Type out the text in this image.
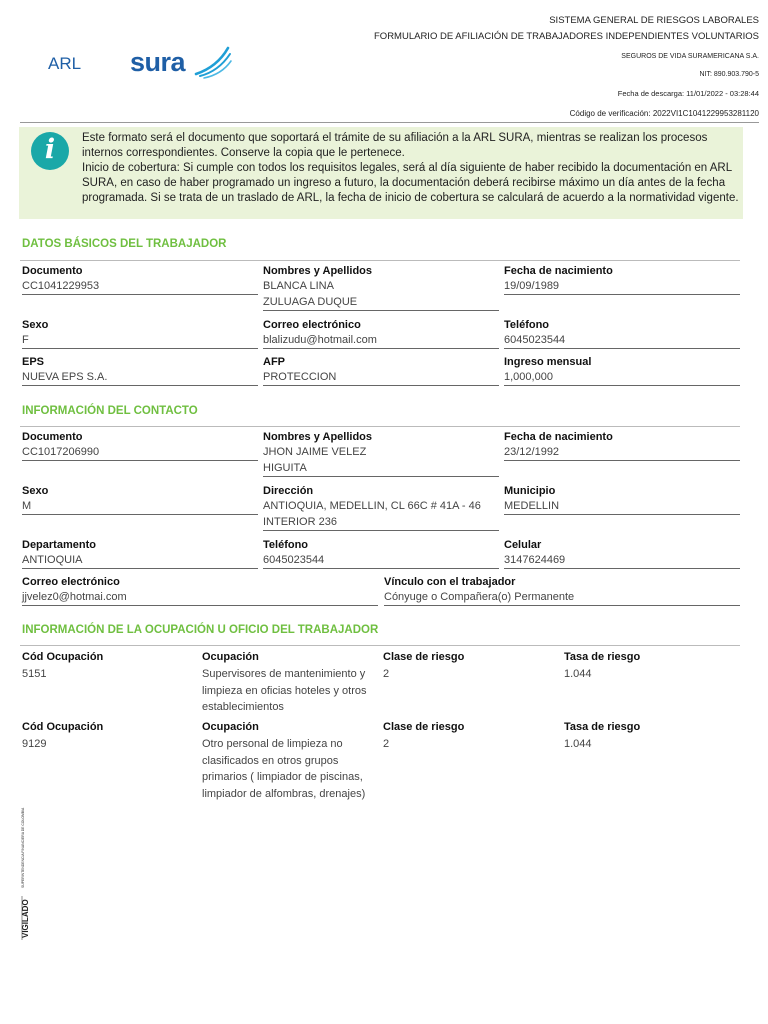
ARL sura
SISTEMA GENERAL DE RIESGOS LABORALES
FORMULARIO DE AFILIACIÓN DE TRABAJADORES INDEPENDIENTES VOLUNTARIOS
SEGUROS DE VIDA SURAMERICANA S.A.
NIT: 890.903.790-5
Fecha de descarga: 11/01/2022 - 03:28:44
Código de verificación: 2022VI1C1041229953281120
i	Este formato será el documento que soportará el trámite de su afiliación a la ARL SURA, mientras se realizan los procesos internos correspondientes. Conserve la copia que le pertenece.

Inicio de cobertura: Si cumple con todos los requisitos legales, será al día siguiente de haber recibido la documentación en ARL SURA, en caso de haber programado un ingreso a futuro, la documentación deberá recibirse máximo un día antes de la fecha programada. Si se trata de un traslado de ARL, la fecha de inicio de cobertura se calculará de acuerdo a la normatividad vigente.

DATOS BÁSICOS DEL TRABAJADOR
Documento
CC1041229953
Nombres y Apellidos
BLANCA LINA
ZULUAGA DUQUE
Fecha de nacimiento
19/09/1989
Sexo
F
Correo electrónico
blalizudu@hotmail.com
Teléfono
6045023544
EPS
NUEVA EPS S.A.
AFP
PROTECCION
Ingreso mensual
1,000,000
INFORMACIÓN DEL CONTACTO
Documento
CC1017206990
Nombres y Apellidos
JHON JAIME VELEZ
HIGUITA
Fecha de nacimiento
23/12/1992
Sexo
M
Dirección
ANTIOQUIA, MEDELLIN, CL 66C # 41A - 46
INTERIOR 236
Municipio
MEDELLIN
Departamento
ANTIOQUIA
Teléfono
6045023544
Celular
3147624469
Correo electrónico
jjvelez0@hotmai.com
Vínculo con el trabajador
Cónyuge o Compañera(o) Permanente
INFORMACIÓN DE LA OCUPACIÓN U OFICIO DEL TRABAJADOR
Cód Ocupación
5151
Ocupación
Supervisores de mantenimiento y
limpieza en oficias hoteles y otros
establecimientos
Clase de riesgo
2
Tasa de riesgo
1.044
Cód Ocupación
9129
Ocupación
Otro personal de limpieza no
clasificados en otros grupos
primarios ( limpiador de piscinas,
limpiador de alfombras, drenajes)
Clase de riesgo
2
Tasa de riesgo
1.044
SUPERINTENDENCIA FINANCIERA DE COLOMBIA
VIGILADO
